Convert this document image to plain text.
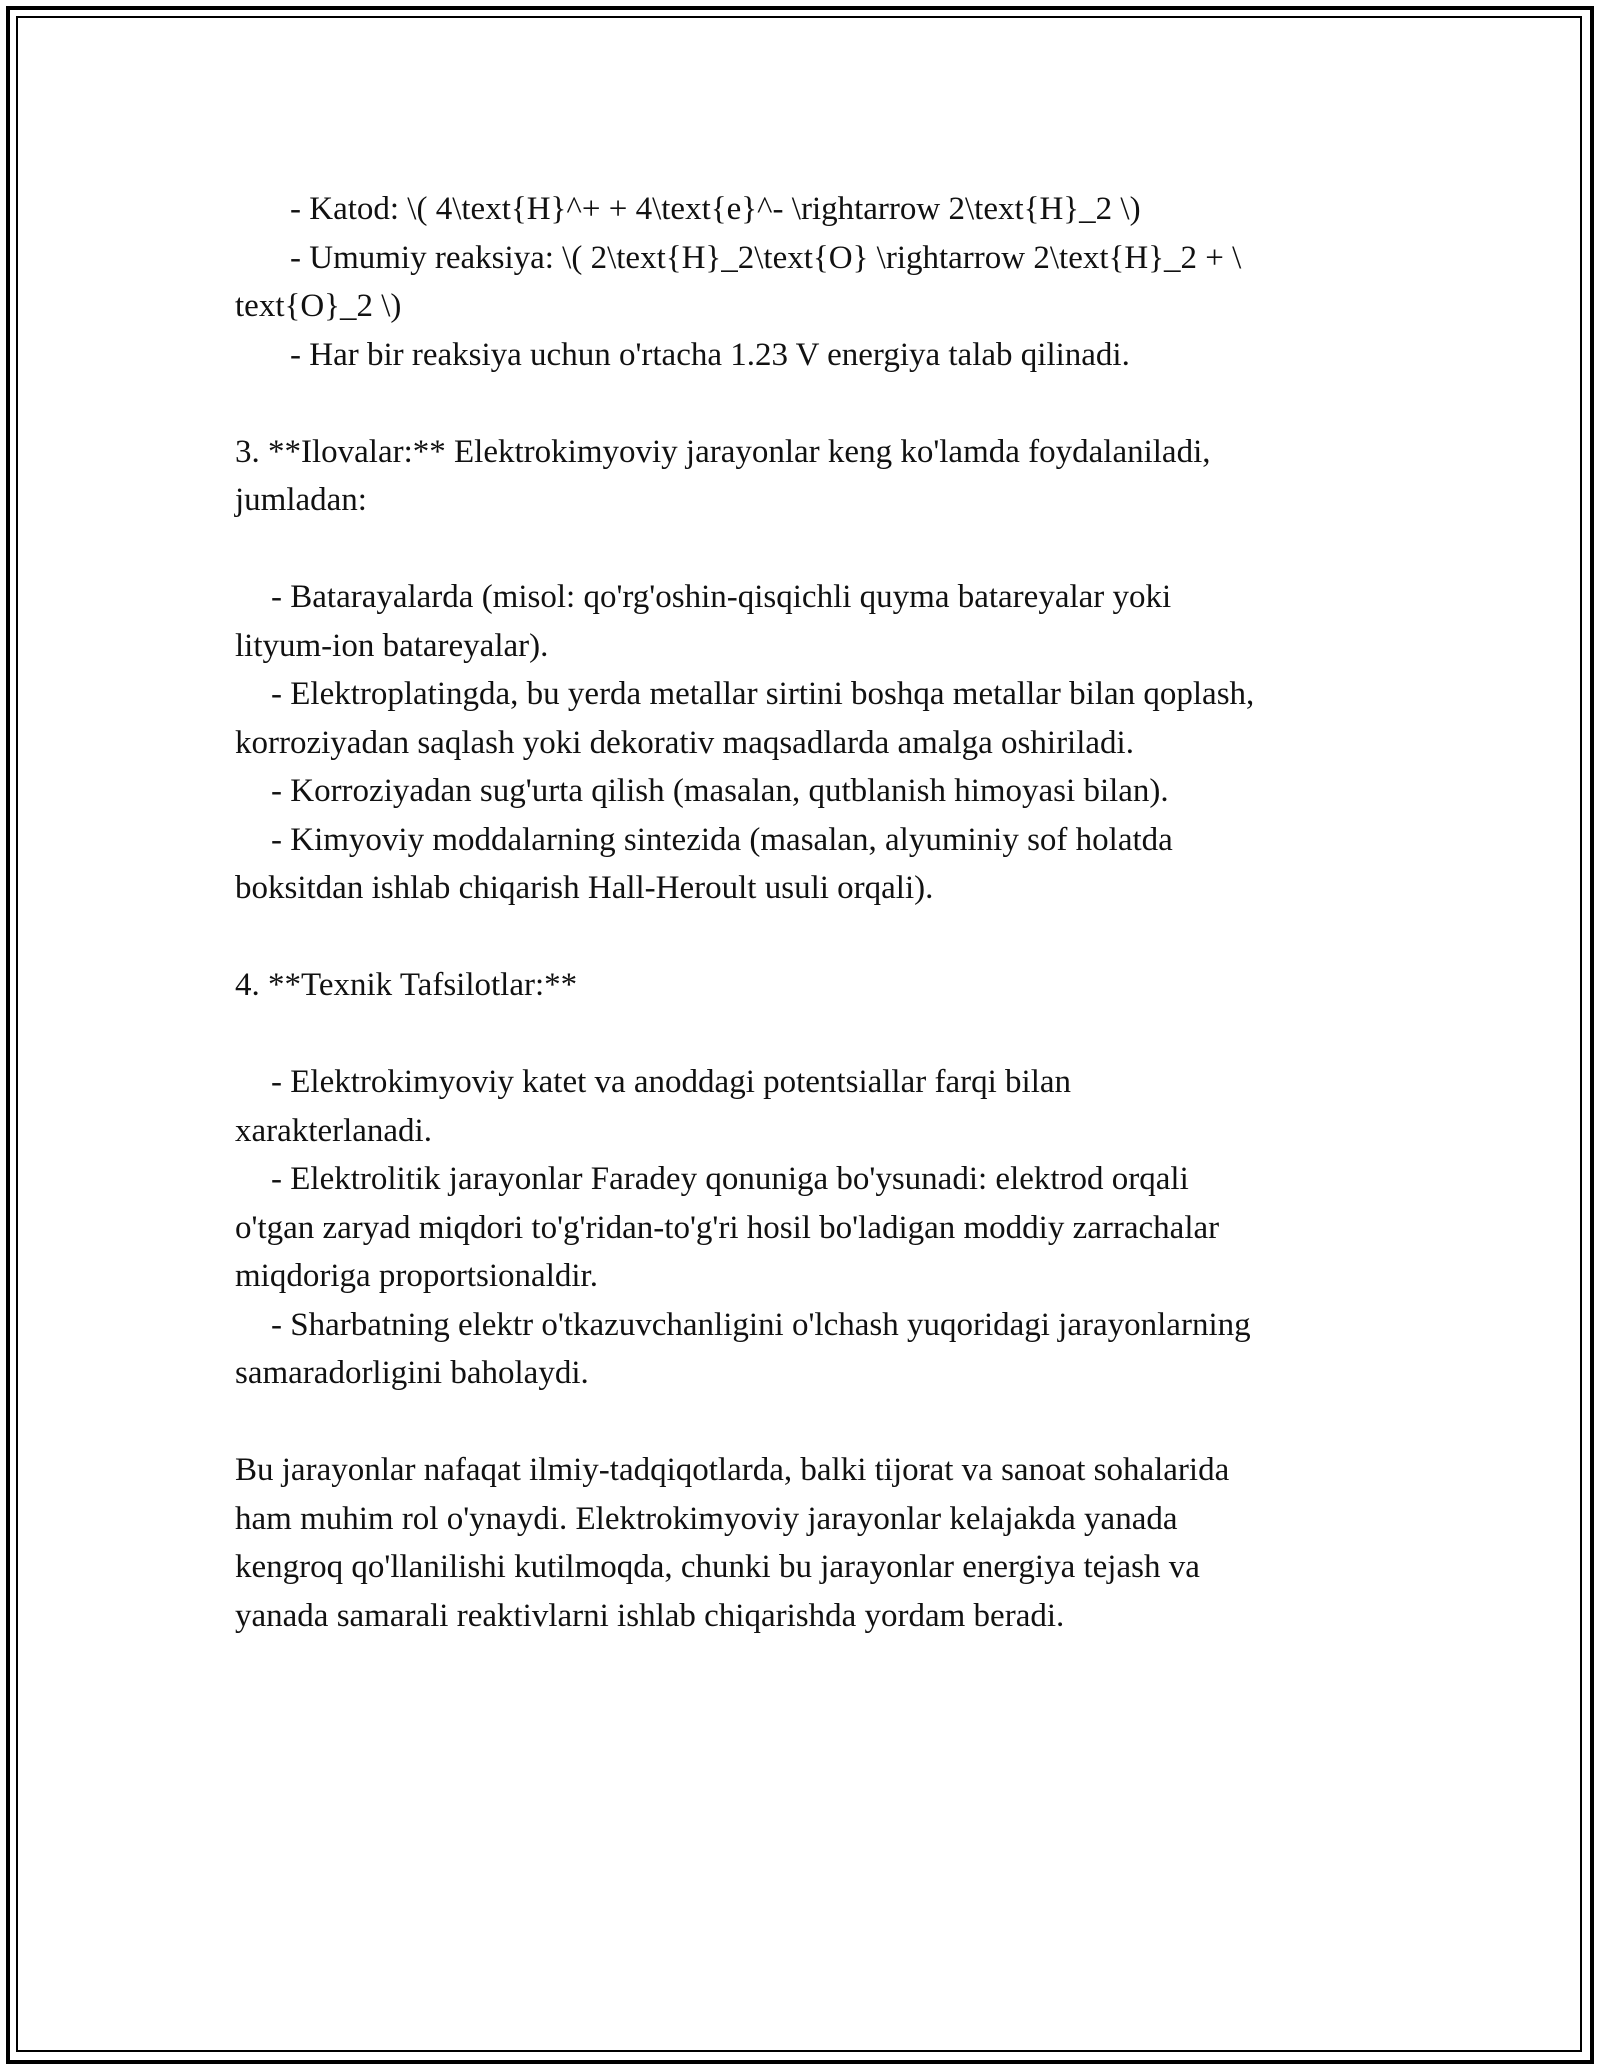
- Katod: \( 4\text{H}^+ + 4\text{e}^- \rightarrow 2\text{H}_2 \)

- Umumiy reaksiya: \( 2\text{H}_2\text{O} \rightarrow 2\text{H}_2 + \

text{O}_2 \)

- Har bir reaksiya uchun o'rtacha 1.23 V energiya talab qilinadi.

3. **Ilovalar:** Elektrokimyoviy jarayonlar keng ko'lamda foydalaniladi,

jumladan:

- Batarayalarda (misol: qo'rg'oshin-qisqichli quyma batareyalar yoki

lityum-ion batareyalar).

- Elektroplatingda, bu yerda metallar sirtini boshqa metallar bilan qoplash,

korroziyadan saqlash yoki dekorativ maqsadlarda amalga oshiriladi.

- Korroziyadan sug'urta qilish (masalan, qutblanish himoyasi bilan).

- Kimyoviy moddalarning sintezida (masalan, alyuminiy sof holatda

boksitdan ishlab chiqarish Hall-Heroult usuli orqali).

4. **Texnik Tafsilotlar:**

- Elektrokimyoviy katet va anoddagi potentsiallar farqi bilan

xarakterlanadi.

- Elektrolitik jarayonlar Faradey qonuniga bo'ysunadi: elektrod orqali

o'tgan zaryad miqdori to'g'ridan-to'g'ri hosil bo'ladigan moddiy zarrachalar

miqdoriga proportsionaldir.

- Sharbatning elektr o'tkazuvchanligini o'lchash yuqoridagi jarayonlarning

samaradorligini baholaydi.

Bu jarayonlar nafaqat ilmiy-tadqiqotlarda, balki tijorat va sanoat sohalarida

ham muhim rol o'ynaydi. Elektrokimyoviy jarayonlar kelajakda yanada

kengroq qo'llanilishi kutilmoqda, chunki bu jarayonlar energiya tejash va

yanada samarali reaktivlarni ishlab chiqarishda yordam beradi.
